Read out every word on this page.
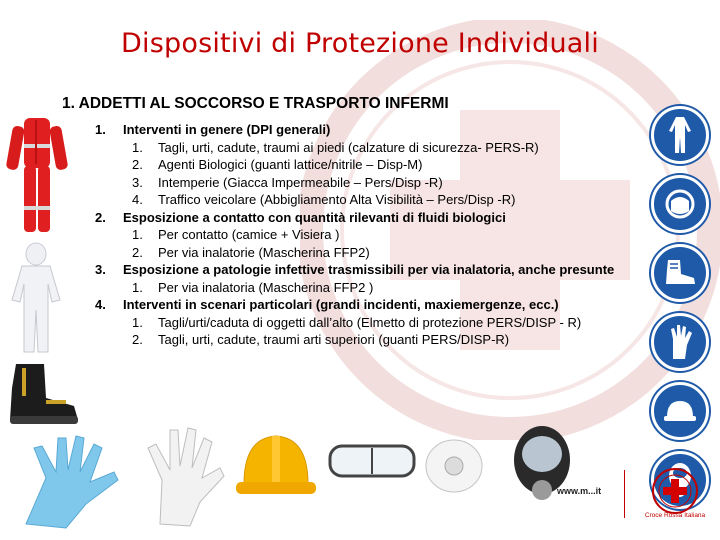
Dispositivi di Protezione Individuali
1. ADDETTI AL SOCCORSO E TRASPORTO INFERMI
1. Interventi in genere (DPI generali)
1. Tagli, urti, cadute, traumi ai piedi (calzature di sicurezza- PERS-R)
2. Agenti Biologici (guanti lattice/nitrile – Disp-M)
3. Intemperie (Giacca Impermeabile – Pers/Disp -R)
4. Traffico veicolare (Abbigliamento Alta Visibilità – Pers/Disp -R)
2. Esposizione a contatto con quantità rilevanti di fluidi biologici
1. Per contatto (camice + Visiera )
2. Per via inalatorie (Mascherina FFP2)
3. Esposizione a patologie infettive trasmissibili per via inalatoria, anche presunte
1. Per via inalatoria (Mascherina FFP2 )
4. Interventi in scenari particolari (grandi incidenti, maxiemergenze, ecc.)
1. Tagli/urti/caduta di oggetti dall’alto (Elmetto di protezione PERS/DISP - R)
2. Tagli, urti, cadute, traumi arti superiori (guanti PERS/DISP-R)
www.m...it
Croce Rossa Italiana
